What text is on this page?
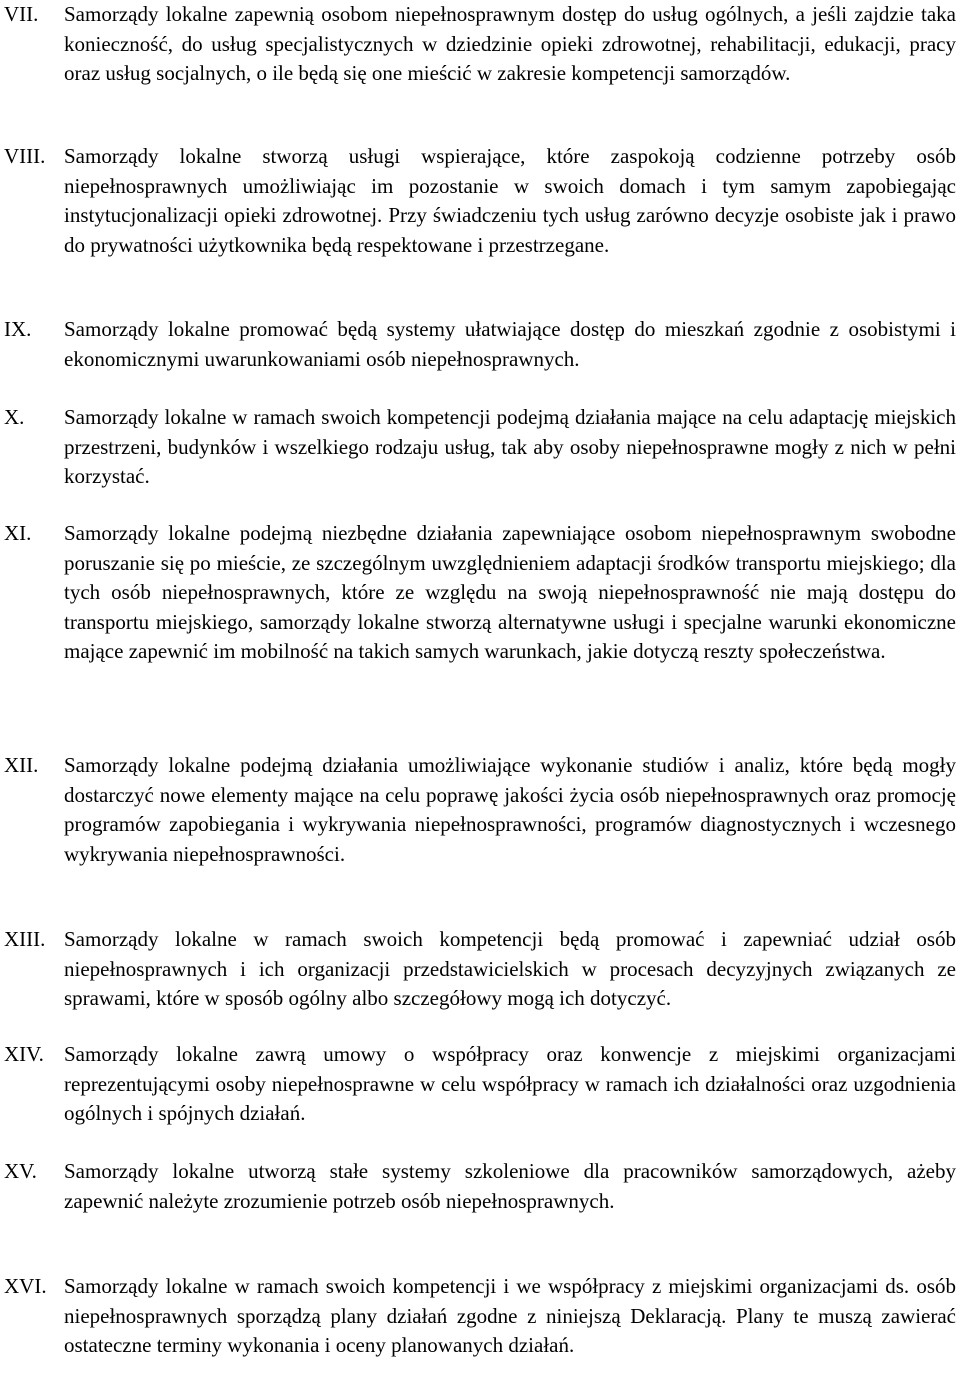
VII. Samorządy lokalne zapewnią osobom niepełnosprawnym dostęp do usług ogólnych, a jeśli zajdzie taka konieczność, do usług specjalistycznych w dziedzinie opieki zdrowotnej, rehabilitacji, edukacji, pracy oraz usług socjalnych, o ile będą się one mieścić w zakresie kompetencji samorządów.
VIII. Samorządy lokalne stworzą usługi wspierające, które zaspokoją codzienne potrzeby osób niepełnosprawnych umożliwiając im pozostanie w swoich domach i tym samym zapobiegając instytucjonalizacji opieki zdrowotnej. Przy świadczeniu tych usług zarówno decyzje osobiste jak i prawo do prywatności użytkownika będą respektowane i przestrzegane.
IX. Samorządy lokalne promować będą systemy ułatwiające dostęp do mieszkań zgodnie z osobistymi i ekonomicznymi uwarunkowaniami osób niepełnosprawnych.
X. Samorządy lokalne w ramach swoich kompetencji podejmą działania mające na celu adaptację miejskich przestrzeni, budynków i wszelkiego rodzaju usług, tak aby osoby niepełnosprawne mogły z nich w pełni korzystać.
XI. Samorządy lokalne podejmą niezbędne działania zapewniające osobom niepełnosprawnym swobodne poruszanie się po mieście, ze szczególnym uwzględnieniem adaptacji środków transportu miejskiego; dla tych osób niepełnosprawnych, które ze względu na swoją niepełnosprawność nie mają dostępu do transportu miejskiego, samorządy lokalne stworzą alternatywne usługi i specjalne warunki ekonomiczne mające zapewnić im mobilność na takich samych warunkach, jakie dotyczą reszty społeczeństwa.
XII. Samorządy lokalne podejmą działania umożliwiające wykonanie studiów i analiz, które będą mogły dostarczyć nowe elementy mające na celu poprawę jakości życia osób niepełnosprawnych oraz promocję programów zapobiegania i wykrywania niepełnosprawności, programów diagnostycznych i wczesnego wykrywania niepełnosprawności.
XIII. Samorządy lokalne w ramach swoich kompetencji będą promować i zapewniać udział osób niepełnosprawnych i ich organizacji przedstawicielskich w procesach decyzyjnych związanych ze sprawami, które w sposób ogólny albo szczegółowy mogą ich dotyczyć.
XIV. Samorządy lokalne zawrą umowy o współpracy oraz konwencje z miejskimi organizacjami reprezentującymi osoby niepełnosprawne w celu współpracy w ramach ich działalności oraz uzgodnienia ogólnych i spójnych działań.
XV. Samorządy lokalne utworzą stałe systemy szkoleniowe dla pracowników samorządowych, ażeby zapewnić należyte zrozumienie potrzeb osób niepełnosprawnych.
XVI. Samorządy lokalne w ramach swoich kompetencji i we współpracy z miejskimi organizacjami ds. osób niepełnosprawnych sporządzą plany działań zgodne z niniejszą Deklaracją. Plany te muszą zawierać ostateczne terminy wykonania i oceny planowanych działań.
